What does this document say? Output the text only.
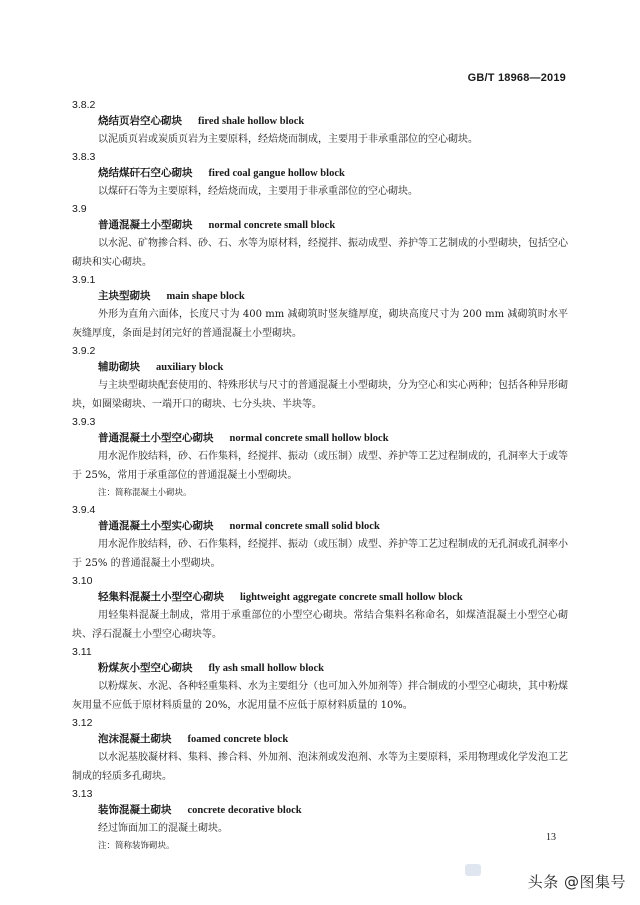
GB/T 18968—2019
3.8.2
烧结页岩空心砌块 fired shale hollow block

以泥质页岩或炭质页岩为主要原料，经焙烧而制成，主要用于非承重部位的空心砌块。

3.8.3
烧结煤矸石空心砌块 fired coal gangue hollow block

以煤矸石等为主要原料，经焙烧而成，主要用于非承重部位的空心砌块。

3.9
普通混凝土小型砌块 normal concrete small block

以水泥、矿物掺合料、砂、石、水等为原材料，经搅拌、振动成型、养护等工艺制成的小型砌块，包括空心砌块和实心砌块。

3.9.1
主块型砌块 main shape block

外形为直角六面体，长度尺寸为 400 mm 减砌筑时竖灰缝厚度，砌块高度尺寸为 200 mm 减砌筑时水平灰缝厚度，条面是封闭完好的普通混凝土小型砌块。

3.9.2
辅助砌块 auxiliary block

与主块型砌块配套使用的、特殊形状与尺寸的普通混凝土小型砌块，分为空心和实心两种；包括各种异形砌块，如圈梁砌块、一端开口的砌块、七分头块、半块等。

3.9.3
普通混凝土小型空心砌块 normal concrete small hollow block

用水泥作胶结料，砂、石作集料，经搅拌、振动（或压制）成型、养护等工艺过程制成的，孔洞率大于或等于 25%，常用于承重部位的普通混凝土小型砌块。

注：简称混凝土小砌块。
3.9.4
普通混凝土小型实心砌块 normal concrete small solid block

用水泥作胶结料，砂、石作集料，经搅拌、振动（或压制）成型、养护等工艺过程制成的无孔洞或孔洞率小于 25% 的普通混凝土小型砌块。

3.10
轻集料混凝土小型空心砌块 lightweight aggregate concrete small hollow block

用轻集料混凝土制成，常用于承重部位的小型空心砌块。常结合集料名称命名，如煤渣混凝土小型空心砌块、浮石混凝土小型空心砌块等。

3.11
粉煤灰小型空心砌块 fly ash small hollow block

以粉煤灰、水泥、各种轻重集料、水为主要组分（也可加入外加剂等）拌合制成的小型空心砌块，其中粉煤灰用量不应低于原材料质量的 20%，水泥用量不应低于原材料质量的 10%。

3.12
泡沫混凝土砌块 foamed concrete block

以水泥基胶凝材料、集料、掺合料、外加剂、泡沫剂或发泡剂、水等为主要原料，采用物理或化学发泡工艺制成的轻质多孔砌块。

3.13
装饰混凝土砌块 concrete decorative block

经过饰面加工的混凝土砌块。

注：简称装饰砌块。
13
头条 @图集号
